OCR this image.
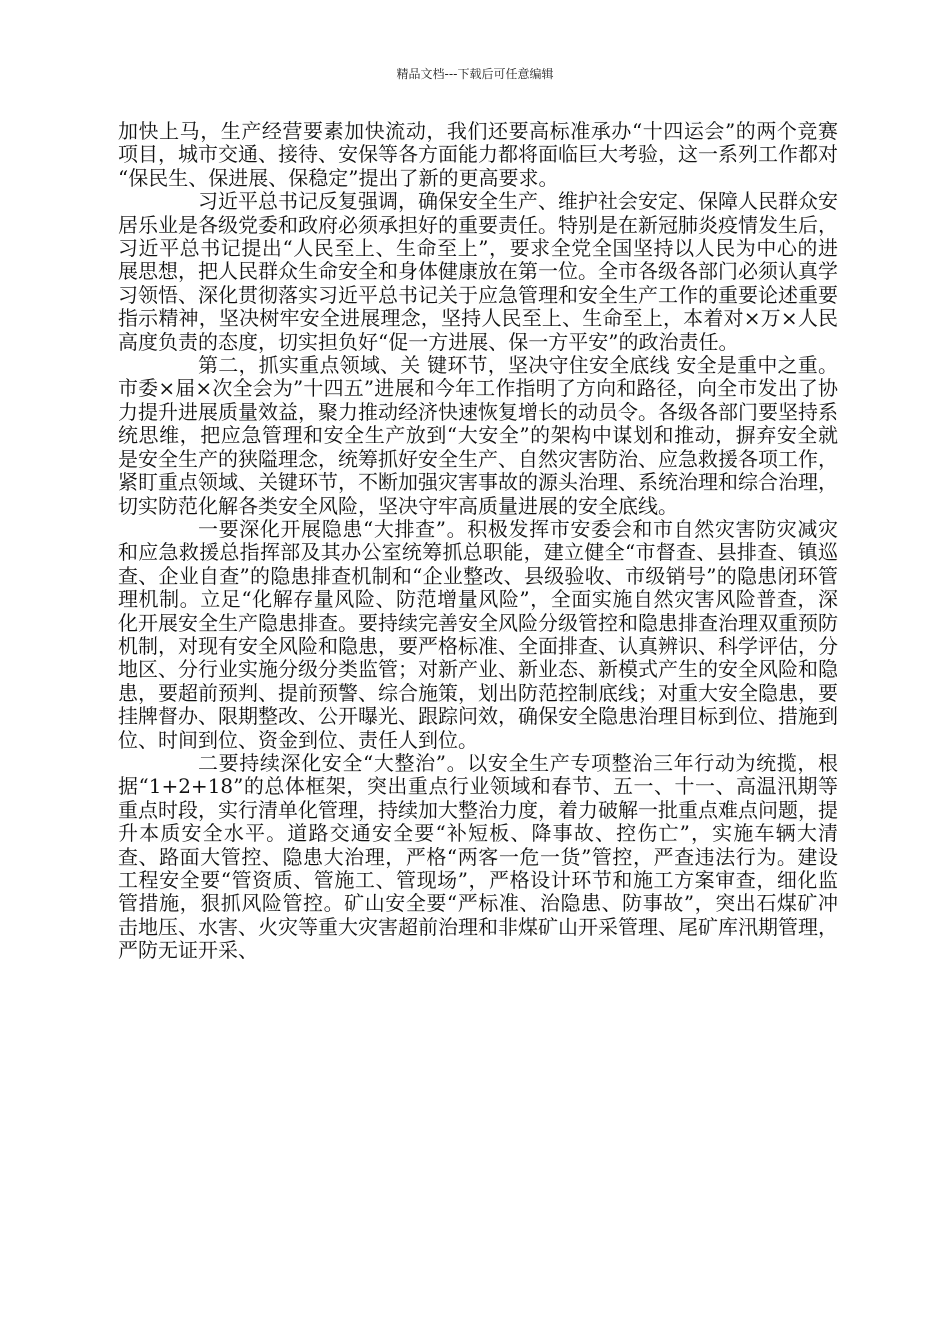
精品文档---下载后可任意编辑

加快上马，生产经营要素加快流动，我们还要高标准承办“十四运会”的两个竞赛项目，城市交通、接待、安保等各方面能力都将面临巨大考验，这一系列工作都对 “保民生、保进展、保稳定”提出了新的更高要求。

习近平总书记反复强调，确保安全生产、维护社会安定、保障人民群众安居乐业是各级党委和政府必须承担好的重要责任。特别是在新冠肺炎疫情发生后，习近平总书记提出“人民至上、生命至上”，要求全党全国坚持以人民为中心的进展思想，把人民群众生命安全和身体健康放在第一位。全市各级各部门必须认真学习领悟、深化贯彻落实习近平总书记关于应急管理和安全生产工作的重要论述重要指示精神，坚决树牢安全进展理念，坚持人民至上、生命至上，本着对×万×人民高度负责的态度，切实担负好“促一方进展、保一方平安”的政治责任。

第二，抓实重点领域、关 键环节，坚决守住安全底线 安全是重中之重。市委×届×次全会为”十四五”进展和今年工作指明了方向和路径，向全市发出了协力提升进展质量效益，聚力推动经济快速恢复增长的动员令。各级各部门要坚持系统思维，把应急管理和安全生产放到“大安全”的架构中谋划和推动，摒弃安全就是安全生产的狭隘理念，统筹抓好安全生产、自然灾害防治、应急救援各项工作，紧盯重点领域、关键环节，不断加强灾害事故的源头治理、系统治理和综合治理，切实防范化解各类安全风险，坚决守牢高质量进展的安全底线。

一要深化开展隐患“大排查”。积极发挥市安委会和市自然灾害防灾减灾和应急救援总指挥部及其办公室统筹抓总职能，建立健全“市督查、县排查、镇巡查、企业自查”的隐患排查机制和“企业整改、县级验收、市级销号”的隐患闭环管理机制。立足“化解存量风险、防范增量风险”，全面实施自然灾害风险普查，深化开展安全生产隐患排查。要持续完善安全风险分级管控和隐患排查治理双重预防机制，对现有安全风险和隐患，要严格标准、全面排查、认真辨识、科学评估，分地区、分行业实施分级分类监管；对新产业、新业态、新模式产生的安全风险和隐患，要超前预判、提前预警、综合施策，划出防范控制底线；对重大安全隐患，要挂牌督办、限期整改、公开曝光、跟踪问效，确保安全隐患治理目标到位、措施到位、时间到位、资金到位、责任人到位。

二要持续深化安全“大整治”。以安全生产专项整治三年行动为统揽，根据“1+2+18”的总体框架，突出重点行业领域和春节、五一、十一、高温汛期等重点时段，实行清单化管理，持续加大整治力度，着力破解一批重点难点问题，提升本质安全水平。道路交通安全要“补短板、降事故、控伤亡”，实施车辆大清查、路面大管控、隐患大治理，严格“两客一危一货”管控，严查违法行为。建设工程安全要“管资质、管施工、管现场”，严格设计环节和施工方案审查，细化监管措施，狠抓风险管控。矿山安全要“严标准、治隐患、防事故”，突出石煤矿冲击地压、水害、火灾等重大灾害超前治理和非煤矿山开采管理、尾矿库汛期管理，严防无证开采、
